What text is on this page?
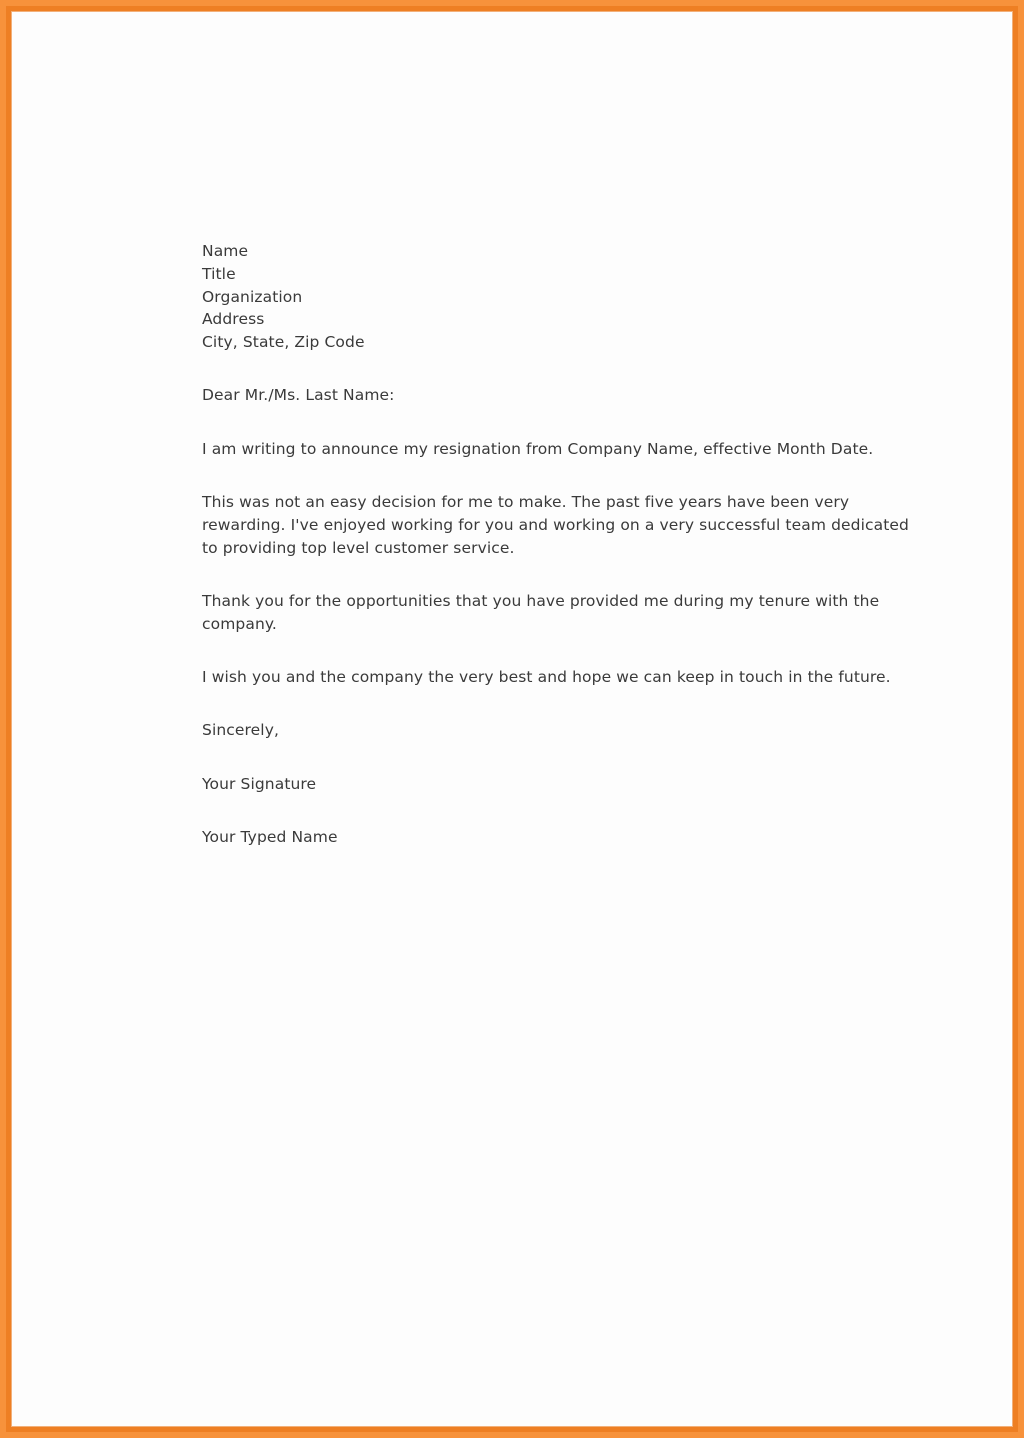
Name
Title
Organization
Address
City, State, Zip Code

Dear Mr./Ms. Last Name:

I am writing to announce my resignation from Company Name, effective Month Date.

This was not an easy decision for me to make. The past five years have been very rewarding. I've enjoyed working for you and working on a very successful team dedicated to providing top level customer service.

Thank you for the opportunities that you have provided me during my tenure with the company.

I wish you and the company the very best and hope we can keep in touch in the future.

Sincerely,

Your Signature

Your Typed Name
